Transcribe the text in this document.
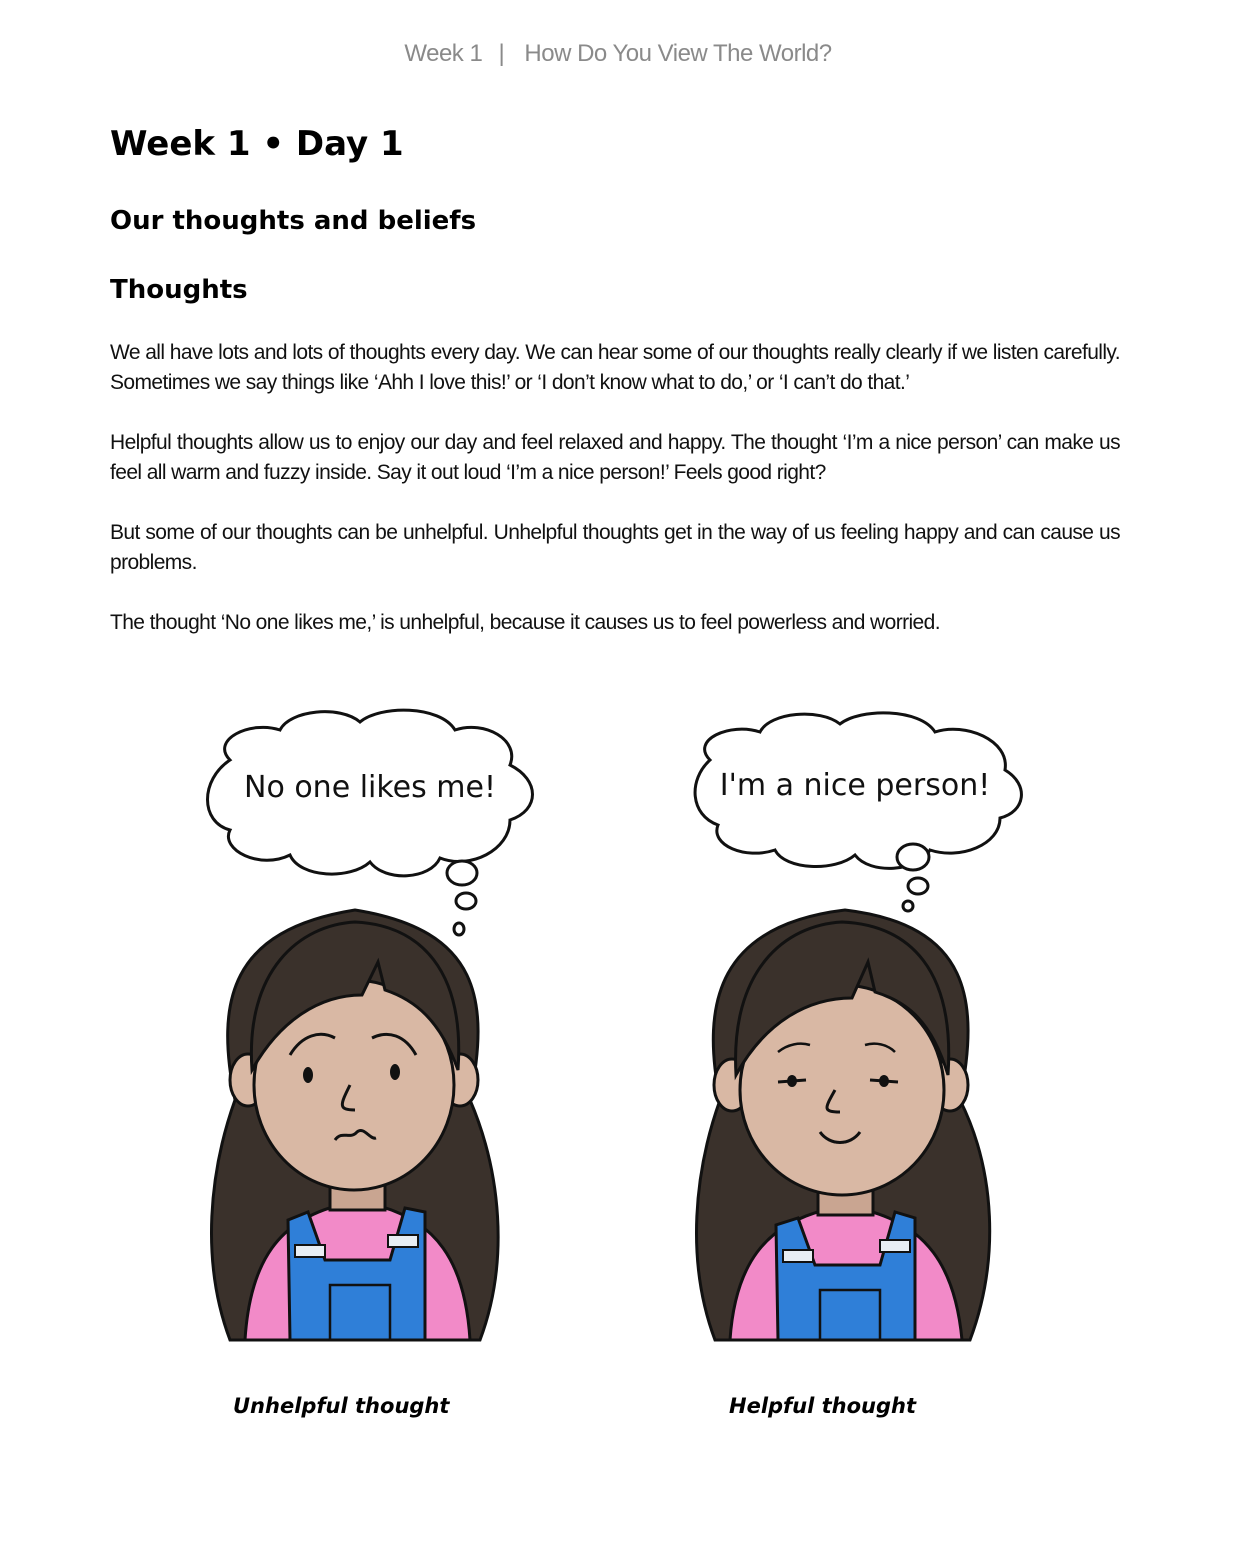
Week 1 | How Do You View The World?
Week 1 • Day 1
Our thoughts and beliefs
Thoughts

We all have lots and lots of thoughts every day. We can hear some of our thoughts really clearly if we listen carefully. Sometimes we say things like ‘Ahh I love this!’ or ‘I don’t know what to do,’ or ‘I can’t do that.’

Helpful thoughts allow us to enjoy our day and feel relaxed and happy. The thought ‘I’m a nice person’ can make us feel all warm and fuzzy inside. Say it out loud ‘I’m a nice person!’ Feels good right?

But some of our thoughts can be unhelpful. Unhelpful thoughts get in the way of us feeling happy and can cause us problems.

The thought ‘No one likes me,’ is unhelpful, because it causes us to feel powerless and worried.

No one likes me!	I'm a nice person!

Unhelpful thought	Helpful thought
